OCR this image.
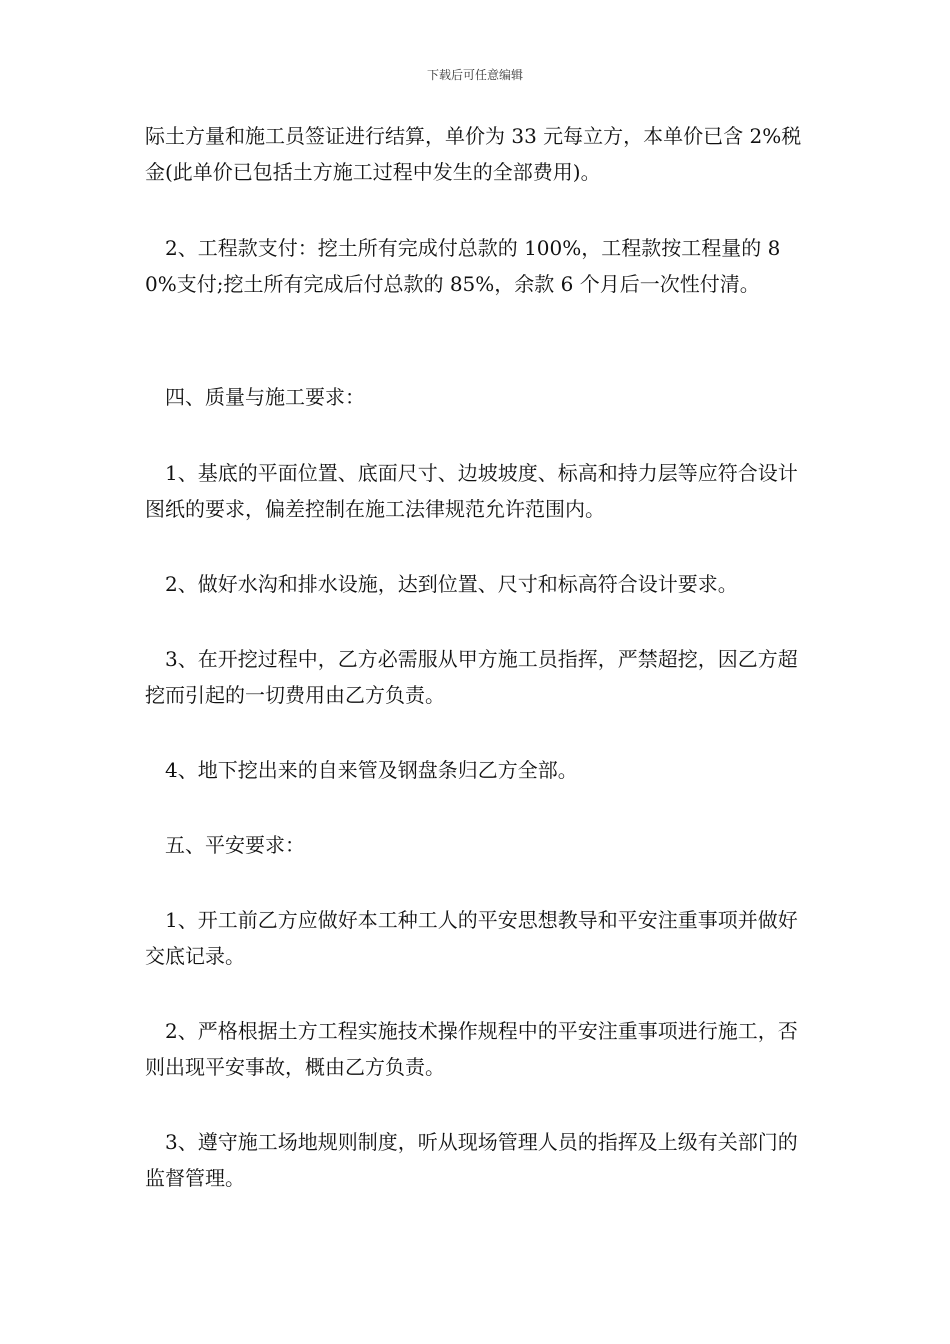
下载后可任意编辑

际土方量和施工员签证进行结算，单价为 33 元每立方，本单价已含 2%税金(此单价已包括土方施工过程中发生的全部费用)。

　2、工程款支付：挖土所有完成付总款的 100%，工程款按工程量的 80%支付;挖土所有完成后付总款的 85%，余款 6 个月后一次性付清。

　四、质量与施工要求：

　1、基底的平面位置、底面尺寸、边坡坡度、标高和持力层等应符合设计图纸的要求，偏差控制在施工法律规范允许范围内。

　2、做好水沟和排水设施，达到位置、尺寸和标高符合设计要求。

　3、在开挖过程中，乙方必需服从甲方施工员指挥，严禁超挖，因乙方超挖而引起的一切费用由乙方负责。

　4、地下挖出来的自来管及钢盘条归乙方全部。

　五、平安要求：

　1、开工前乙方应做好本工种工人的平安思想教导和平安注重事项并做好交底记录。

　2、严格根据土方工程实施技术操作规程中的平安注重事项进行施工，否则出现平安事故，概由乙方负责。

　3、遵守施工场地规则制度，听从现场管理人员的指挥及上级有关部门的监督管理。
